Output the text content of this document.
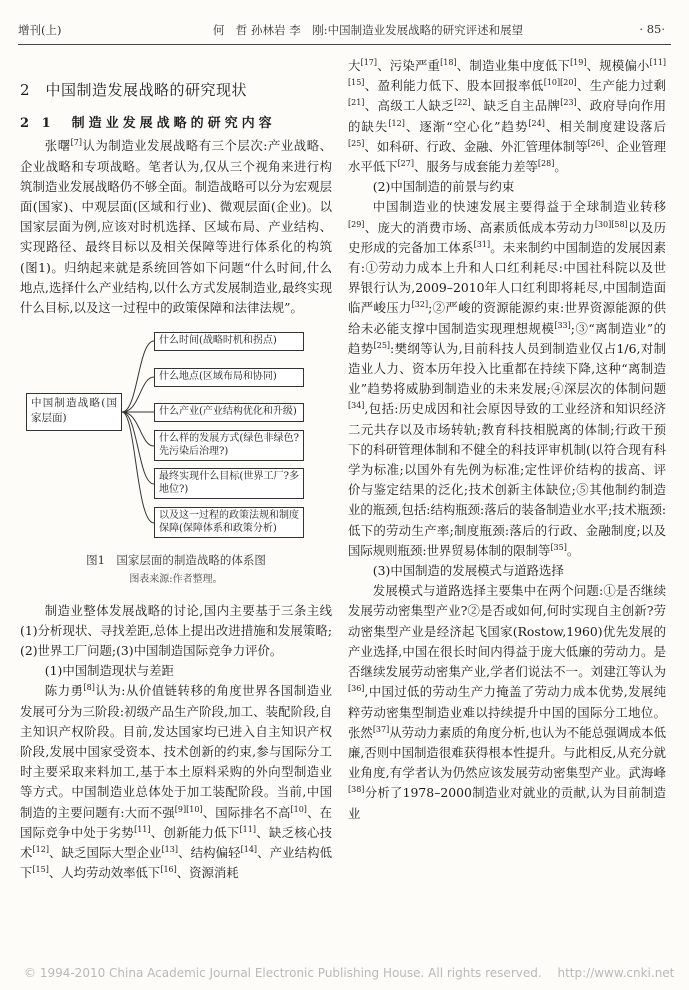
增刊(上)	何　哲 孙林岩 李　刚:中国制造业发展战略的研究评述和展望	· 85·
2　中国制造发展战略的研究现状
2 1　制造业发展战略的研究内容

张曙[7]认为制造业发展战略有三个层次:产业战略、企业战略和专项战略。笔者认为,仅从三个视角来进行构筑制造业发展战略仍不够全面。制造战略可以分为宏观层面(国家)、中观层面(区域和行业)、微观层面(企业)。以国家层面为例,应该对时机选择、区域布局、产业结构、实现路径、最终目标以及相关保障等进行体系化的构筑(图1)。归纳起来就是系统回答如下问题“什么时间,什么地点,选择什么产业结构,以什么方式发展制造业,最终实现什么目标,以及这一过程中的政策保障和法律法规”。

中国制造战略(国家层面)
什么时间(战略时机和拐点)
什么地点(区域布局和协同)
什么产业(产业结构优化和升级)
什么样的发展方式(绿色非绿色? 先污染后治理?)
最终实现什么目标(世界工厂?多地位?)
以及这一过程的政策法规和制度保障(保障体系和政策分析)
图1　国家层面的制造战略的体系图
图表来源:作者整理。

制造业整体发展战略的讨论,国内主要基于三条主线(1)分析现状、寻找差距,总体上提出改进措施和发展策略;(2)世界工厂问题;(3)中国制造国际竞争力评价。

(1)中国制造现状与差距

陈力勇[8]认为:从价值链转移的角度世界各国制造业发展可分为三阶段:初级产品生产阶段,加工、装配阶段,自主知识产权阶段。目前,发达国家均已进入自主知识产权阶段,发展中国家受资本、技术创新的约束,参与国际分工时主要采取来料加工,基于本土原料采购的外向型制造业等方式。中国制造业总体处于加工装配阶段。当前,中国制造的主要问题有:大而不强[9][10]、国际排名不高[10]、在国际竞争中处于劣势[11]、创新能力低下[11]、缺乏核心技术[12]、缺乏国际大型企业[13]、结构偏轻[14]、产业结构低下[15]、人均劳动效率低下[16]、资源消耗

大[17]、污染严重[18]、制造业集中度低下[19]、规模偏小[11][15]、盈利能力低下、股本回报率低[10][20]、生产能力过剩[21]、高级工人缺乏[22]、缺乏自主品牌[23]、政府导向作用的缺失[12]、逐渐“空心化”趋势[24]、相关制度建设落后[25]、如科研、行政、金融、外汇管理体制等[26]、企业管理水平低下[27]、服务与成套能力差等[28]。

(2)中国制造的前景与约束

中国制造业的快速发展主要得益于全球制造业转移[29]、庞大的消费市场、高素质低成本劳动力[30][58]以及历史形成的完备加工体系[31]。未来制约中国制造的发展因素有:①劳动力成本上升和人口红利耗尽:中国社科院以及世界银行认为,2009–2010年人口红利即将耗尽,中国制造面临严峻压力[32];②严峻的资源能源约束:世界资源能源的供给未必能支撑中国制造实现理想规模[33];③“离制造业”的趋势[25]:樊纲等认为,目前科技人员到制造业仅占1/6,对制造业人力、资本历年投入比重都在持续下降,这种“离制造业”趋势将威胁到制造业的未来发展;④深层次的体制问题[34],包括:历史成因和社会原因导致的工业经济和知识经济二元共存以及市场转轨;教育科技相脱离的体制;行政干预下的科研管理体制和不健全的科技评审机制(以符合现有科学为标准;以国外有先例为标准;定性评价结构的拔高、评价与鉴定结果的泛化;技术创新主体缺位;⑤其他制约制造业的瓶颈,包括:结构瓶颈:落后的装备制造业水平;技术瓶颈:低下的劳动生产率;制度瓶颈:落后的行政、金融制度;以及国际规则瓶颈:世界贸易体制的限制等[35]。

(3)中国制造的发展模式与道路选择

发展模式与道路选择主要集中在两个问题:①是否继续发展劳动密集型产业?②是否或如何,何时实现自主创新?劳动密集型产业是经济起飞国家(Rostow,1960)优先发展的产业选择,中国在很长时间内得益于庞大低廉的劳动力。是否继续发展劳动密集产业,学者们说法不一。刘建江等认为[36],中国过低的劳动生产力掩盖了劳动力成本优势,发展纯粹劳动密集型制造业难以持续提升中国的国际分工地位。张然[37]从劳动力素质的角度分析,也认为不能总强调成本低廉,否则中国制造很难获得根本性提升。与此相反,从充分就业角度,有学者认为仍然应该发展劳动密集型产业。武海峰[38]分析了1978–2000制造业对就业的贡献,认为目前制造业

© 1994-2010 China Academic Journal Electronic Publishing House. All rights reserved.　 http://www.cnki.net
